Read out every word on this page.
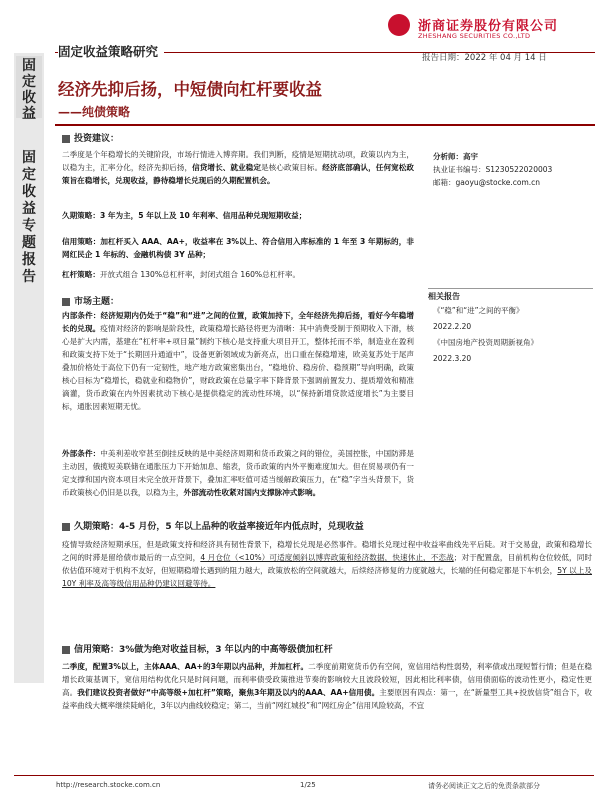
浙商证券股份有限公司
ZHESHANG SECURITIES CO.,LTD
固定收益策略研究	报告日期：2022 年 04 月 14 日
固定收益
固定收益专题报告
经济先抑后扬，中短债向杠杆要收益
——纯债策略
投资建议：
二季度是个年稳增长的关键阶段，市场行情进入博弈期。我们判断，疫情是短期扰动项，政策以内为主，以稳为主，汇率分化，经济先抑后扬，信贷增长、就业稳定是核心政策目标。经济底部确认，任何宽松政策旨在稳增长，兑现收益，静待稳增长兑现后的久期配置机会。
久期策略：3 年为主，5 年以上及 10 年利率、信用品种兑现短期收益；
信用策略：加杠杆买入 AAA、AA+，收益率在 3%以上、符合信用入库标准的 1 年至 3 年期标的，非网红民企 1 年标的、金融机构债 3Y 品种；
杠杆策略：开放式组合 130%总杠杆率，封闭式组合 160%总杠杆率。
分析师：高宇
执业证书编号：S1230522020003
邮箱：gaoyu@stocke.com.cn
相关报告
《“稳”和“进”之间的平衡》
2022.2.20
《中国房地产投资周期新视角》
2022.3.20
市场主题：
内部条件：经济短期内仍处于“稳”和“进”之间的位置，政策加持下，全年经济先抑后扬，看好今年稳增长的兑现。疫情对经济的影响是阶段性，政策稳增长路径将更为清晰：其中消费受制于预期收入下滑，核心是扩大内需，基建在“杠杆率+项目量”制约下核心是支持重大项目开工，整体托而不举，制造业在盈利和政策支持下处于“长期回升通道中”，设备更新领域成为新亮点，出口重在保稳增速，欧美复苏处于尾声叠加价格处于高位下仍有一定韧性，地产地方政策密集出台，“稳地价、稳房价、稳预期”导向明确，政策核心目标为“稳增长，稳就业和稳物价”，财政政策在总量字率下降背景下强调前置发力、提质增效和精准滴灌，货币政策在内外因素扰动下核心是提供稳定的流动性环境，以“保持新增贷款适度增长”为主要目标，通胀因素短期无忧。
外部条件：中美利差收窄甚至倒挂反映的是中美经济周期和货币政策之间的错位，美国控胀，中国防滞是主动因，俄揽短美联储在通胀压力下开始加息、缩表，货币政策的内外平衡难度加大。但在贸易项仍有一定支撑和国内资本项目未完全放开背景下，叠加汇率贬值可适当缓解政策压力，在“稳”字当头背景下，货币政策核心仍旧是以我，以稳为主，外部流动性收紧对国内支撑脉冲式影响。
久期策略：4-5 月份，5 年以上品种的收益率接近年内低点时，兑现收益
疫情导致经济短期承压，但是政策支持和经济具有韧性背景下，稳增长兑现是必然事件。稳增长兑现过程中收益率曲线先平后陡。对于交易盘，政策和稳增长之间的时滞是留给债市最后的一点空间，4 月仓位（<10%）可适度倾斜以博弈政策和经济数据，快速休止，不恋战；对于配置盘，目前机构仓位较低，同时依估值环境对于机构不友好，但短期稳增长遇到的阻力越大，政策放松的空间就越大，后续经济修复的力度就越大，长端的任何稳定都是下车机会，5Y 以上及 10Y 利率及高等级信用品种仍建议回避等待。
信用策略：3%做为绝对收益目标，3 年以内的中高等级债加杠杆
二季度，配置3%以上，主体AAA、AA+的3年期以内品种，并加杠杆。二季度前期宽货币仍有空间，宽信用结构性弱势，利率债或出现短暂行情；但是在稳增长政策基调下，宽信用结构优化只是时间问题，而利率债受政策推进节奏的影响较大且波段较短，因此相比利率债，信用债面临的波动性更小，稳定性更高。我们建议投资者做好“中高等级+加杠杆”策略，聚焦3年期及以内的AAA、AA+信用债。主要原因有四点：第一，在“新量型工具+投放信贷”组合下，收益率曲线大概率继续陡峭化，3年以内曲线较稳定；第二，当前“网红城投”和“网红房企”信用风险较高，不宜
http://research.stocke.com.cn	1/25	请务必阅读正文之后的免责条款部分
